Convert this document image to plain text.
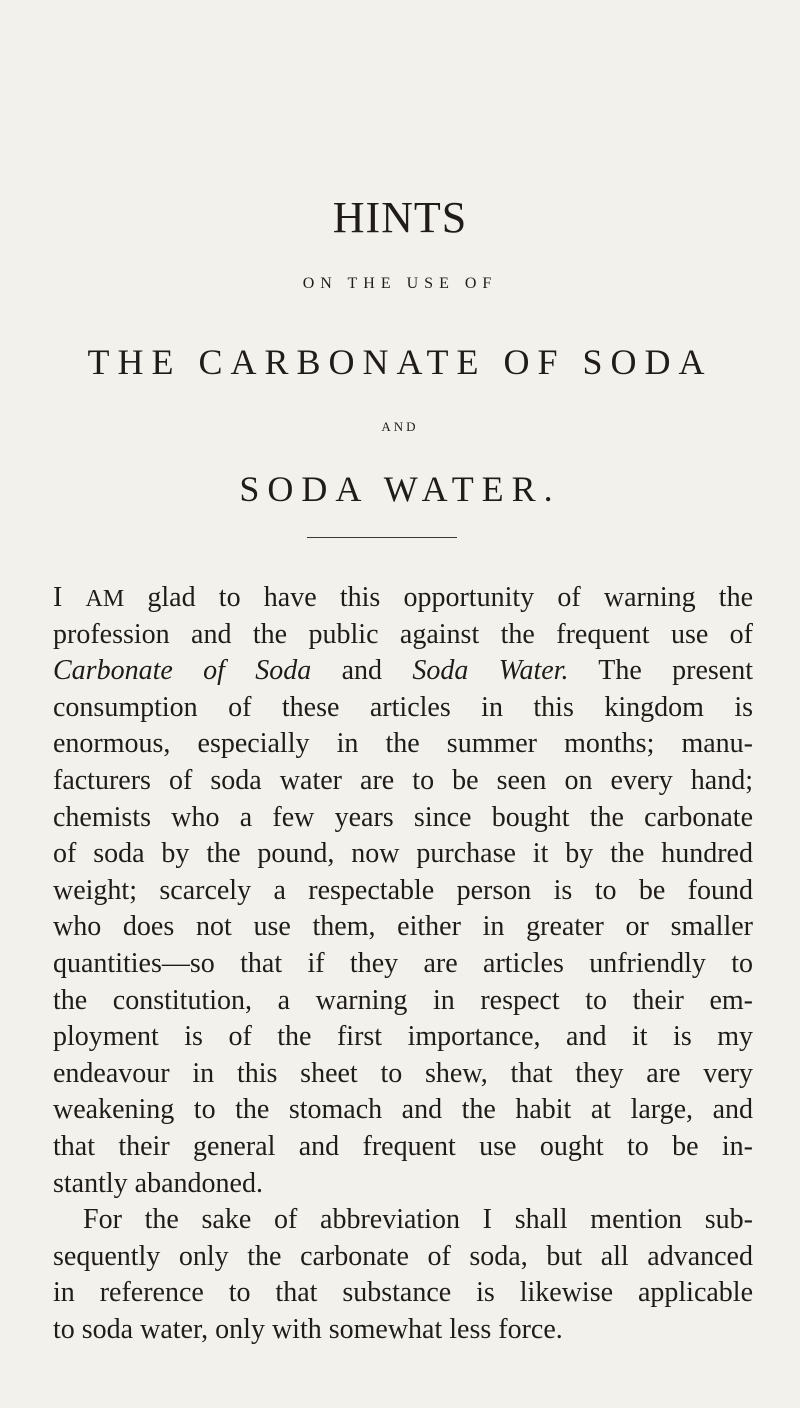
HINTS
ON THE USE OF
THE CARBONATE OF SODA
AND
SODA WATER.
I AM glad to have this opportunity of warning the
profession and the public against the frequent use of
Carbonate of Soda and Soda Water. The present
consumption of these articles in this kingdom is
enormous, especially in the summer months; manu-
facturers of soda water are to be seen on every hand;
chemists who a few years since bought the carbonate
of soda by the pound, now purchase it by the hundred
weight; scarcely a respectable person is to be found
who does not use them, either in greater or smaller
quantities—so that if they are articles unfriendly to
the constitution, a warning in respect to their em-
ployment is of the first importance, and it is my
endeavour in this sheet to shew, that they are very
weakening to the stomach and the habit at large, and
that their general and frequent use ought to be in-
stantly abandoned.
For the sake of abbreviation I shall mention sub-
sequently only the carbonate of soda, but all advanced
in reference to that substance is likewise applicable
to soda water, only with somewhat less force.
